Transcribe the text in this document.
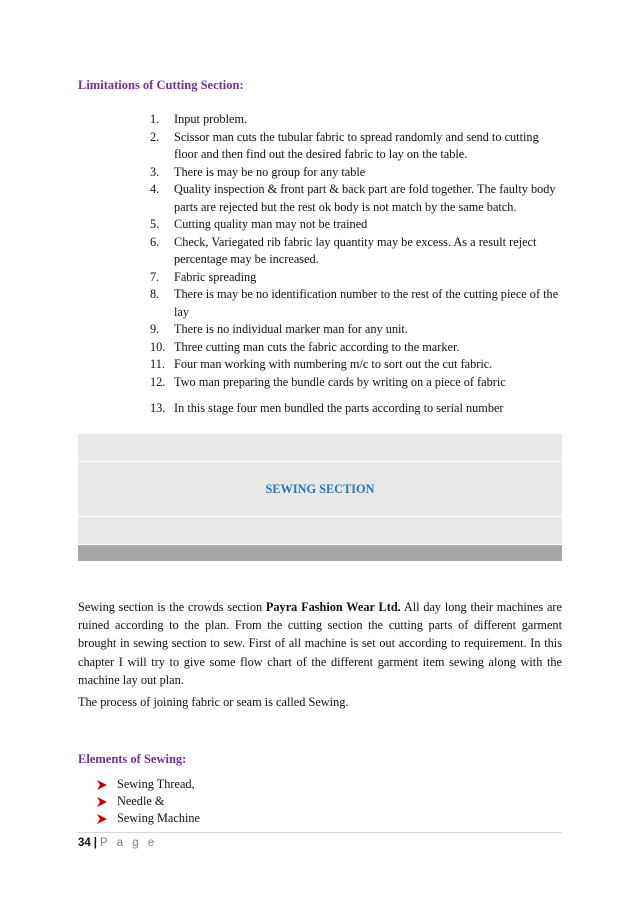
Limitations of Cutting Section:
1.	Input problem.
2.	Scissor man cuts the tubular fabric to spread randomly and send to cutting floor and then find out the desired fabric to lay on the table.
3.	There is may be no group for any table
4.	Quality inspection & front part & back part are fold together. The faulty body parts are rejected but the rest ok body is not match by the same batch.
5.	Cutting quality man may not be trained
6.	Check, Variegated rib fabric lay quantity may be excess. As a result reject percentage may be increased.
7.	Fabric spreading
8.	There is may be no identification number to the rest of the cutting piece of the lay
9.	There is no individual marker man for any unit.
10. Three cutting man cuts the fabric according to the marker.
11. Four man working with numbering m/c to sort out the cut fabric.
12. Two man preparing the bundle cards by writing on a piece of fabric
13. In this stage four men bundled the parts according to serial number
SEWING SECTION

Sewing section is the crowds section Payra Fashion Wear Ltd. All day long their machines are ruined according to the plan. From the cutting section the cutting parts of different garment brought in sewing section to sew. First of all machine is set out according to requirement. In this chapter I will try to give some flow chart of the different garment item sewing along with the machine lay out plan.

The process of joining fabric or seam is called Sewing.

Elements of Sewing:
Sewing Thread,
Needle &
Sewing Machine
34 | P a g e
